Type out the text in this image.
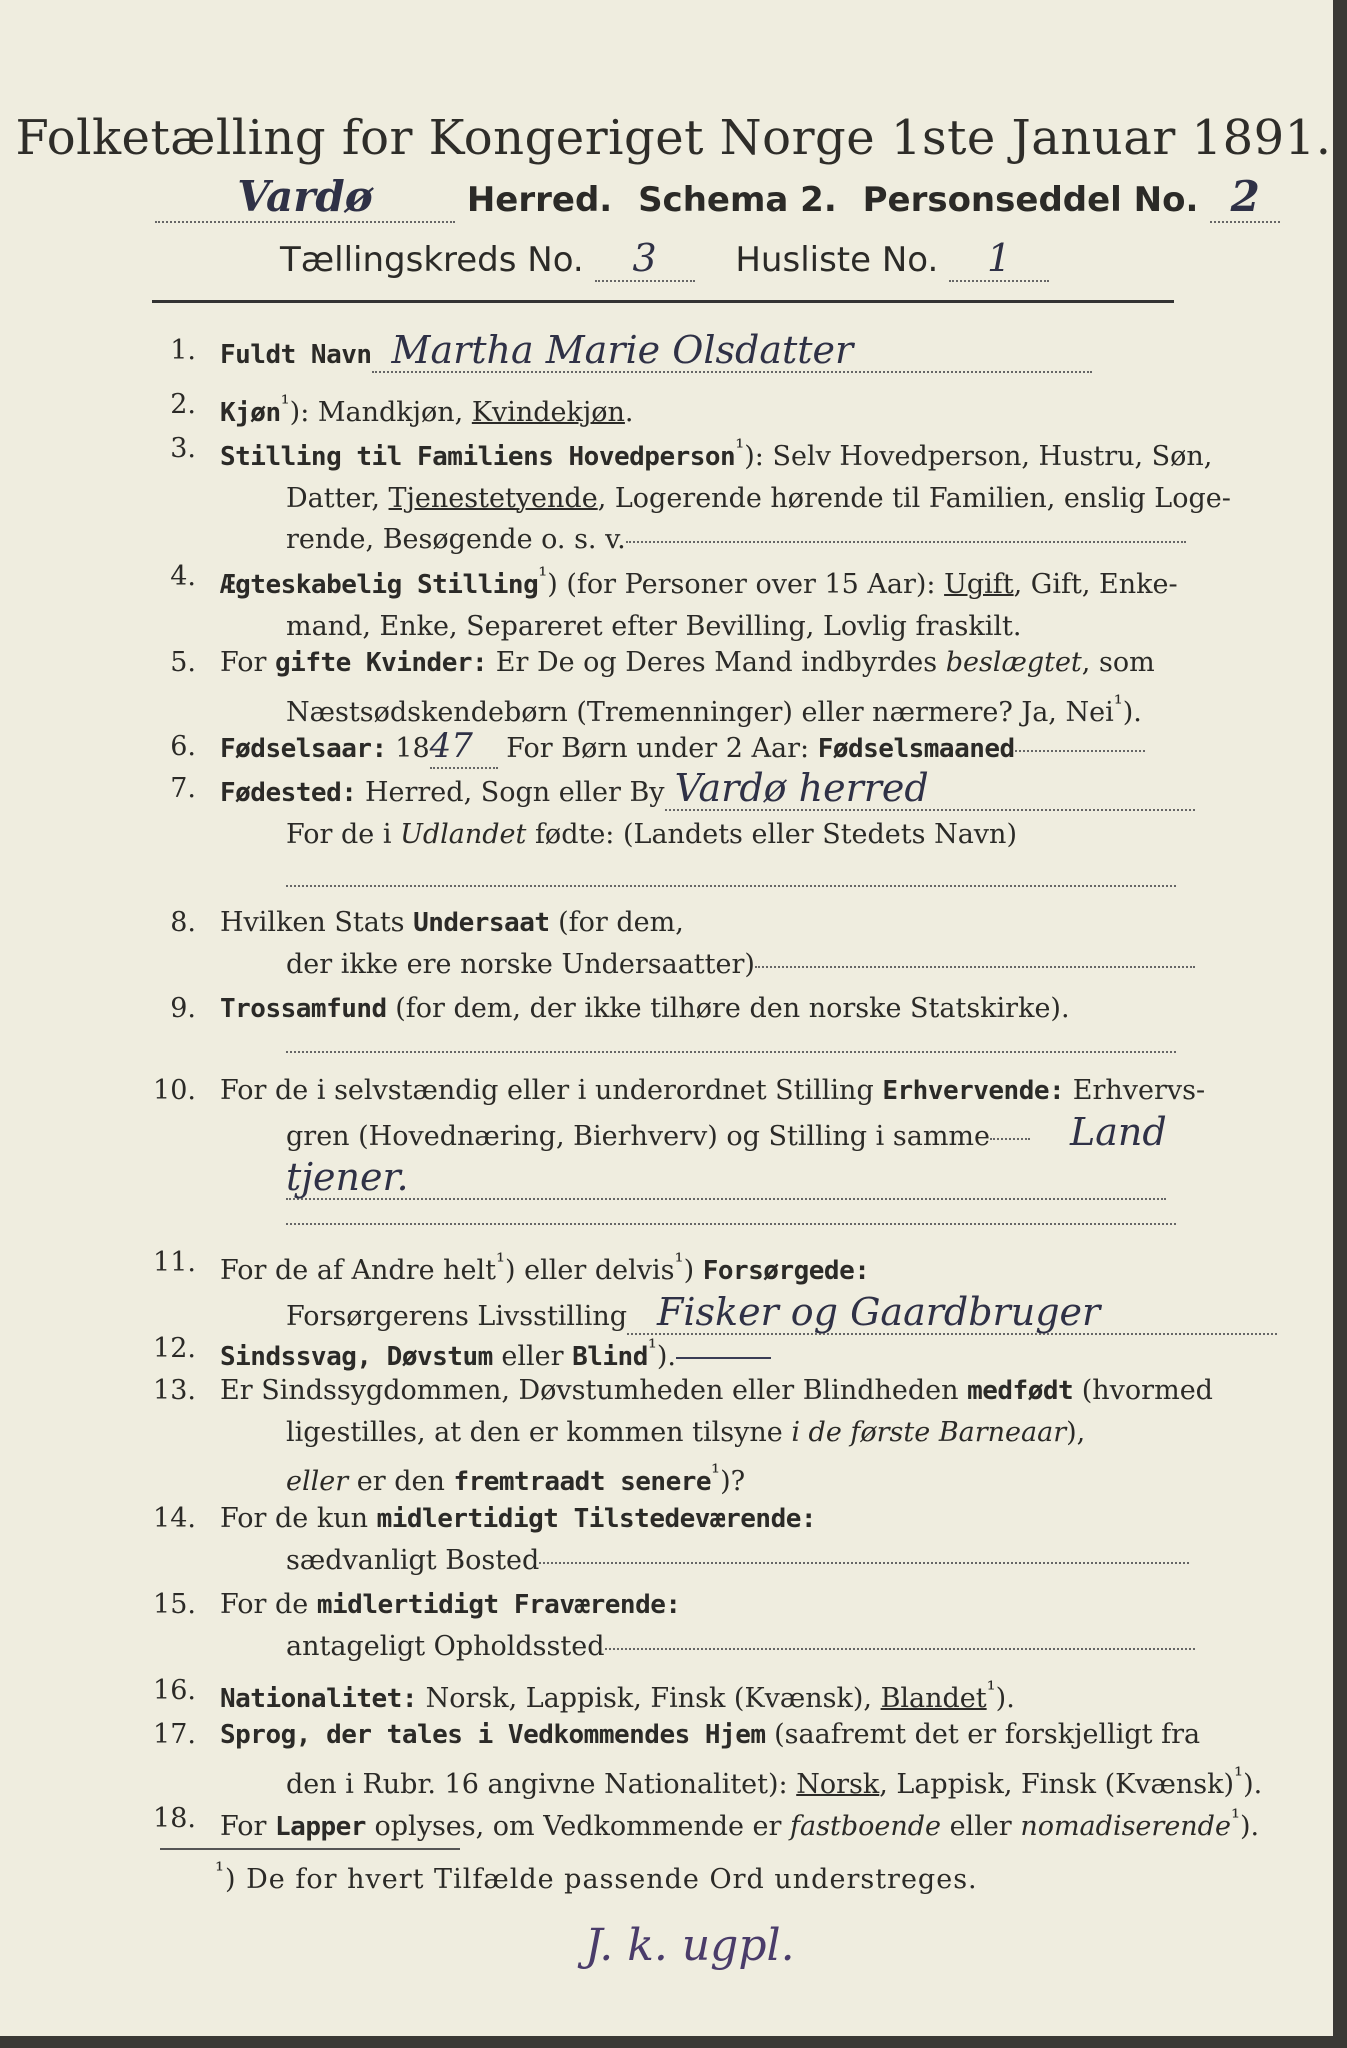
Folketælling for Kongeriget Norge 1ste Januar 1891.
Vardø	Herred. Schema 2. Personseddel No. 2
Tællingskreds No. 3 Husliste No. 1
1. Fuldt Navn Martha Marie Olsdatter
2. Kjøn$^{^1}$): Mandkjøn, Kvindekjøn.
3. Stilling til Familiens Hovedperson$^{^1}$): Selv Hovedperson, Hustru, Søn,
Datter, Tjenestetyende, Logerende hørende til Familien, enslig Loge-
rende, Besøgende o. s. v.
4. Ægteskabelig Stilling$^{^1}$) (for Personer over 15 Aar): Ugift, Gift, Enke-
mand, Enke, Separeret efter Bevilling, Lovlig fraskilt.
5. For gifte Kvinder: Er De og Deres Mand indbyrdes beslægtet, som
Næstsødskendebørn (Tremenninger) eller nærmere? Ja, Nei$^{^1}$).
6. Fødselsaar: 1847 For Børn under 2 Aar: Fødselsmaaned
7. Fødested: Herred, Sogn eller By Vardø herred
For de i Udlandet fødte: (Landets eller Stedets Navn)
8. Hvilken Stats Undersaat (for dem,
der ikke ere norske Undersaatter)
9. Trossamfund (for dem, der ikke tilhøre den norske Statskirke).
10. For de i selvstændig eller i underordnet Stilling Erhvervende: Erhvervs-
gren (Hovednæring, Bierhverv) og Stilling i samme Land
tjener.
11. For de af Andre helt$^{^1}$) eller delvis$^{^1}$) Forsørgede:
Forsørgerens Livsstilling Fisker og Gaardbruger
12. Sindssvag, Døvstum eller Blind$^{^1}$).
13. Er Sindssygdommen, Døvstumheden eller Blindheden medfødt (hvormed
ligestilles, at den er kommen tilsyne i de første Barneaar),
eller er den fremtraadt senere$^{^1}$)?
14. For de kun midlertidigt Tilstedeværende:
sædvanligt Bosted
15. For de midlertidigt Fraværende:
antageligt Opholdssted
16. Nationalitet: Norsk, Lappisk, Finsk (Kvænsk), Blandet$^{^1}$).
17. Sprog, der tales i Vedkommendes Hjem (saafremt det er forskjelligt fra
den i Rubr. 16 angivne Nationalitet): Norsk, Lappisk, Finsk (Kvænsk)$^{^1}$).
18. For Lapper oplyses, om Vedkommende er fastboende eller nomadiserende$^{^1}$).
$^{^1}$) De for hvert Tilfælde passende Ord understreges.
J. k. ugpl.
